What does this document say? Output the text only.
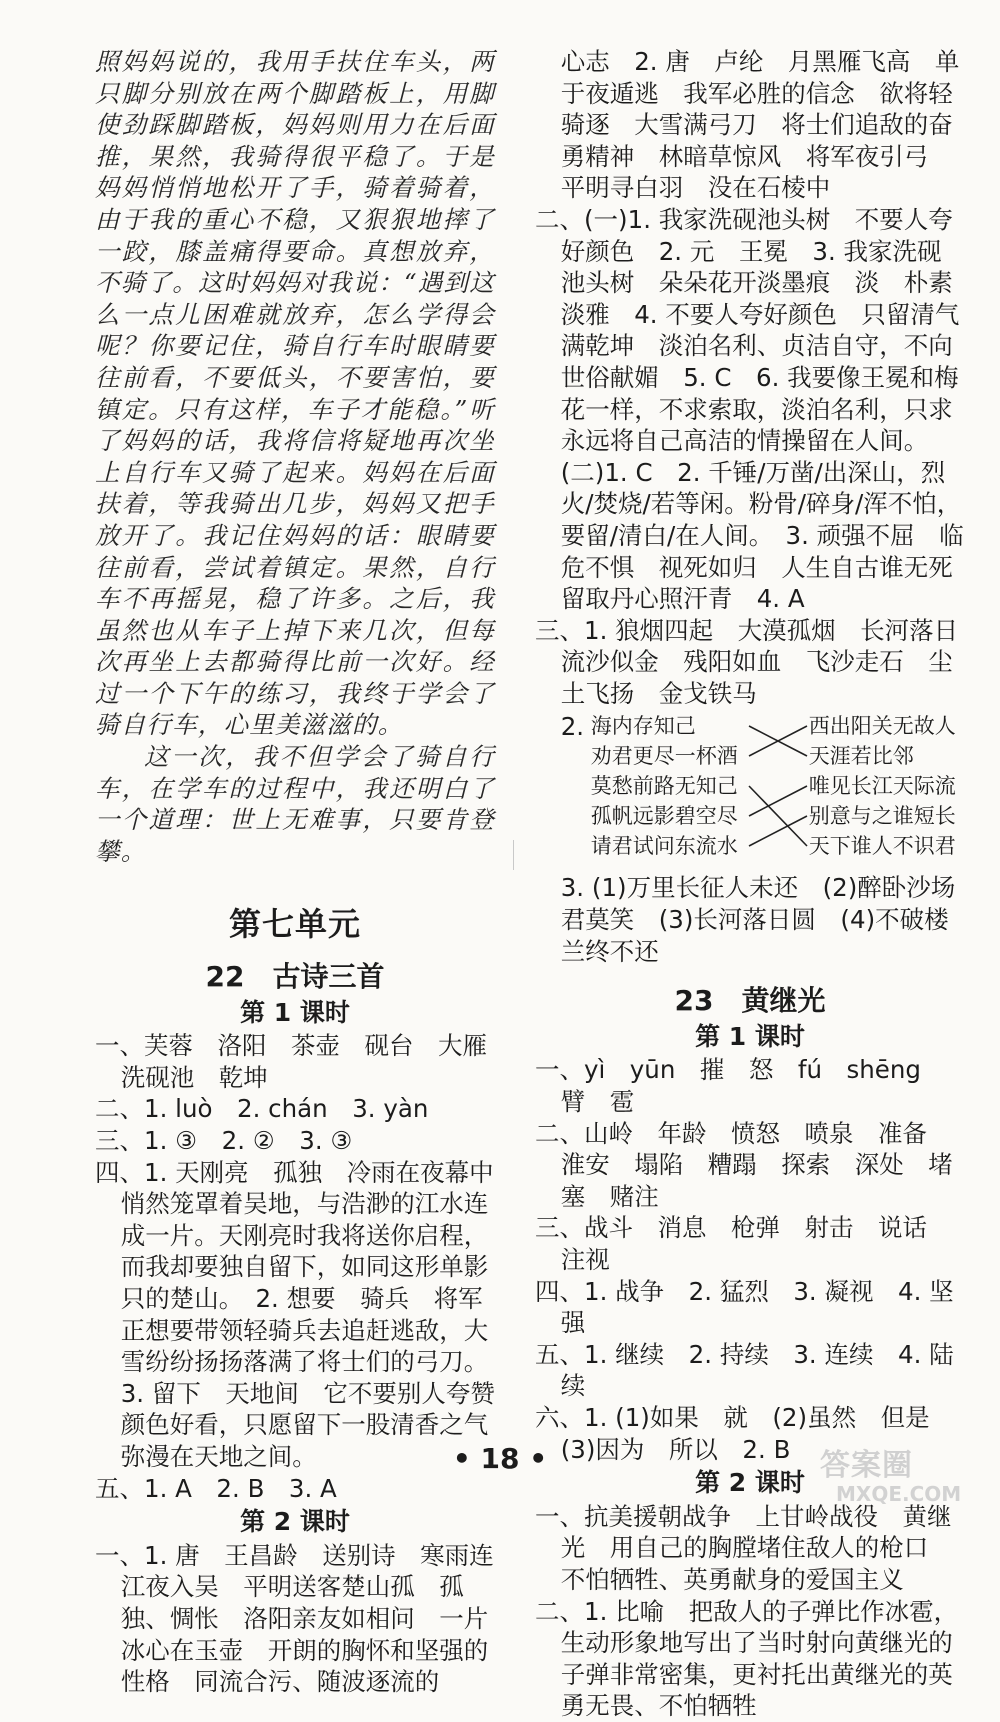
照妈妈说的，我用手扶住车头，两只脚分别放在两个脚踏板上，用脚使劲踩脚踏板，妈妈则用力在后面推，果然，我骑得很平稳了。于是妈妈悄悄地松开了手，骑着骑着，由于我的重心不稳，又狠狠地摔了一跤，膝盖痛得要命。真想放弃，不骑了。这时妈妈对我说：“遇到这么一点儿困难就放弃，怎么学得会呢？你要记住，骑自行车时眼睛要往前看，不要低头，不要害怕，要镇定。只有这样，车子才能稳。”听了妈妈的话，我将信将疑地再次坐上自行车又骑了起来。妈妈在后面扶着，等我骑出几步，妈妈又把手放开了。我记住妈妈的话：眼睛要往前看，尝试着镇定。果然，自行车不再摇晃，稳了许多。之后，我虽然也从车子上掉下来几次，但每次再坐上去都骑得比前一次好。经过一个下午的练习，我终于学会了骑自行车，心里美滋滋的。

这一次，我不但学会了骑自行车，在学车的过程中，我还明白了一个道理：世上无难事，只要肯登攀。

第七单元
22　古诗三首
第 1 课时

一、芙蓉　洛阳　茶壶　砚台　大雁　洗砚池　乾坤

二、1. luò　2. chán　3. yàn

三、1. ③　2. ②　3. ③

四、1. 天刚亮　孤独　冷雨在夜幕中悄然笼罩着吴地，与浩渺的江水连成一片。天刚亮时我将送你启程，而我却要独自留下，如同这形单影只的楚山。　2. 想要　骑兵　将军正想要带领轻骑兵去追赶逃敌，大雪纷纷扬扬落满了将士们的弓刀。　3. 留下　天地间　它不要别人夸赞颜色好看，只愿留下一股清香之气弥漫在天地之间。

五、1. A　2. B　3. A

第 2 课时

一、1. 唐　王昌龄　送别诗　寒雨连江夜入吴　平明送客楚山孤　孤独、惆怅　洛阳亲友如相问　一片冰心在玉壶　开朗的胸怀和坚强的性格　同流合污、随波逐流的

心志　2. 唐　卢纶　月黑雁飞高　单于夜遁逃　我军必胜的信念　欲将轻骑逐　大雪满弓刀　将士们追敌的奋勇精神　林暗草惊风　将军夜引弓　平明寻白羽　没在石棱中

二、(一)1. 我家洗砚池头树　不要人夸好颜色　2. 元　王冕　3. 我家洗砚池头树　朵朵花开淡墨痕　淡　朴素淡雅　4. 不要人夸好颜色　只留清气满乾坤　淡泊名利、贞洁自守，不向世俗献媚　5. C　6. 我要像王冕和梅花一样，不求索取，淡泊名利，只求永远将自己高洁的情操留在人间。

(二)1. C　2. 千锤/万凿/出深山，烈火/焚烧/若等闲。粉骨/碎身/浑不怕，要留/清白/在人间。　3. 顽强不屈　临危不惧　视死如归　人生自古谁无死　留取丹心照汗青　4. A

三、1. 狼烟四起　大漠孤烟　长河落日　流沙似金　残阳如血　飞沙走石　尘土飞扬　金戈铁马

2. 海内存知己
劝君更尽一杯酒
莫愁前路无知己
孤帆远影碧空尽
请君试问东流水
西出阳关无故人
天涯若比邻
唯见长江天际流
别意与之谁短长
天下谁人不识君

3. (1)万里长征人未还　(2)醉卧沙场君莫笑　(3)长河落日圆　(4)不破楼兰终不还

23　黄继光
第 1 课时

一、yì　yūn　摧　怒　fú　shēng　臂　雹

二、山岭　年龄　愤怒　喷泉　准备　淮安　塌陷　糟蹋　探索　深处　堵塞　赌注

三、战斗　消息　枪弹　射击　说话　注视

四、1. 战争　2. 猛烈　3. 凝视　4. 坚强

五、1. 继续　2. 持续　3. 连续　4. 陆续

六、1. (1)如果　就　(2)虽然　但是　(3)因为　所以　2. B

第 2 课时

一、抗美援朝战争　上甘岭战役　黄继光　用自己的胸膛堵住敌人的枪口　不怕牺牲、英勇献身的爱国主义

二、1. 比喻　把敌人的子弹比作冰雹，生动形象地写出了当时射向黄继光的子弹非常密集，更衬托出黄继光的英勇无畏、不怕牺牲

• 18 •	答案圈
MXQE.COM
